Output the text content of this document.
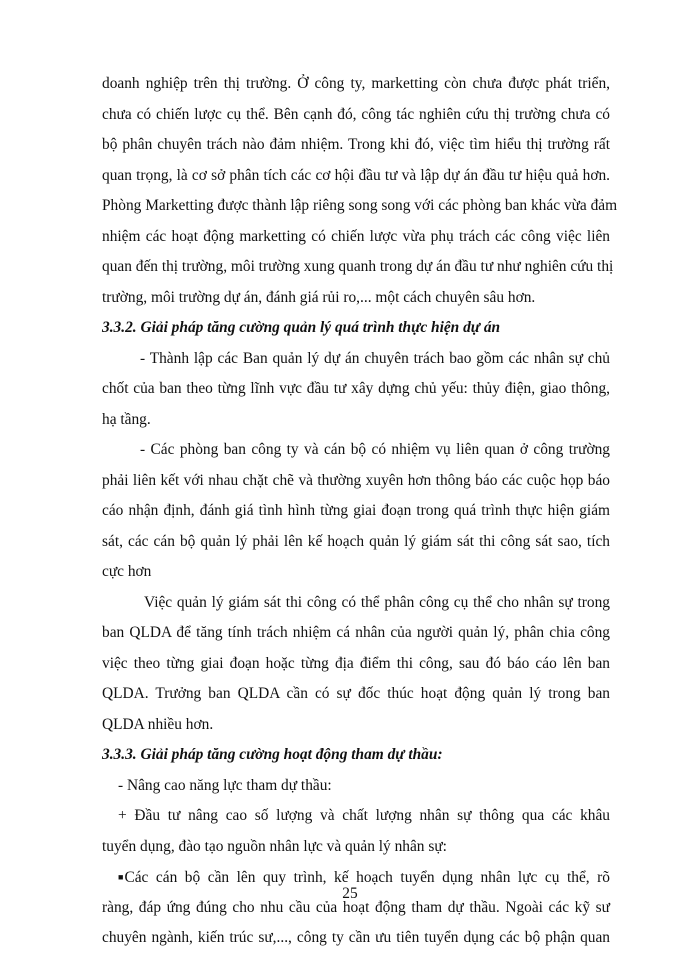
doanh nghiệp trên thị trường. Ở công ty, marketting còn chưa được phát triển,
chưa có chiến lược cụ thể. Bên cạnh đó, công tác nghiên cứu thị trường chưa có
bộ phân chuyên trách nào đảm nhiệm. Trong khi đó, việc tìm hiểu thị trường rất
quan trọng, là cơ sở phân tích các cơ hội đầu tư và lập dự án đầu tư hiệu quả hơn.
Phòng Marketting được thành lập riêng song song với các phòng ban khác vừa đảm
nhiệm các hoạt động marketting có chiến lược vừa phụ trách các công việc liên
quan đến thị trường, môi trường xung quanh trong dự án đầu tư như nghiên cứu thị
trường, môi trường dự án, đánh giá rủi ro,... một cách chuyên sâu hơn.
3.3.2. Giải pháp tăng cường quản lý quá trình thực hiện dự án
- Thành lập các Ban quản lý dự án chuyên trách bao gồm các nhân sự chủ
chốt của ban theo từng lĩnh vực đầu tư xây dựng chủ yếu: thủy điện, giao thông,
hạ tầng.
- Các phòng ban công ty và cán bộ có nhiệm vụ liên quan ở công trường
phải liên kết với nhau chặt chẽ và thường xuyên hơn thông báo các cuộc họp báo
cáo nhận định, đánh giá tình hình từng giai đoạn trong quá trình thực hiện giám
sát, các cán bộ quản lý phải lên kế hoạch quản lý giám sát thi công sát sao, tích
cực hơn
Việc quản lý giám sát thi công có thể phân công cụ thể cho nhân sự trong
ban QLDA để tăng tính trách nhiệm cá nhân của người quản lý, phân chia công
việc theo từng giai đoạn hoặc từng địa điểm thi công, sau đó báo cáo lên ban
QLDA. Trưởng ban QLDA cần có sự đốc thúc hoạt động quản lý trong ban
QLDA nhiều hơn.
3.3.3. Giải pháp tăng cường hoạt động tham dự thầu:
- Nâng cao năng lực tham dự thầu:
+ Đầu tư nâng cao số lượng và chất lượng nhân sự thông qua các khâu
tuyển dụng, đào tạo nguồn nhân lực và quản lý nhân sự:
■Các cán bộ cần lên quy trình, kế hoạch tuyển dụng nhân lực cụ thể, rõ
ràng, đáp ứng đúng cho nhu cầu của hoạt động tham dự thầu. Ngoài các kỹ sư
chuyên ngành, kiến trúc sư,..., công ty cần ưu tiên tuyển dụng các bộ phận quan
25
